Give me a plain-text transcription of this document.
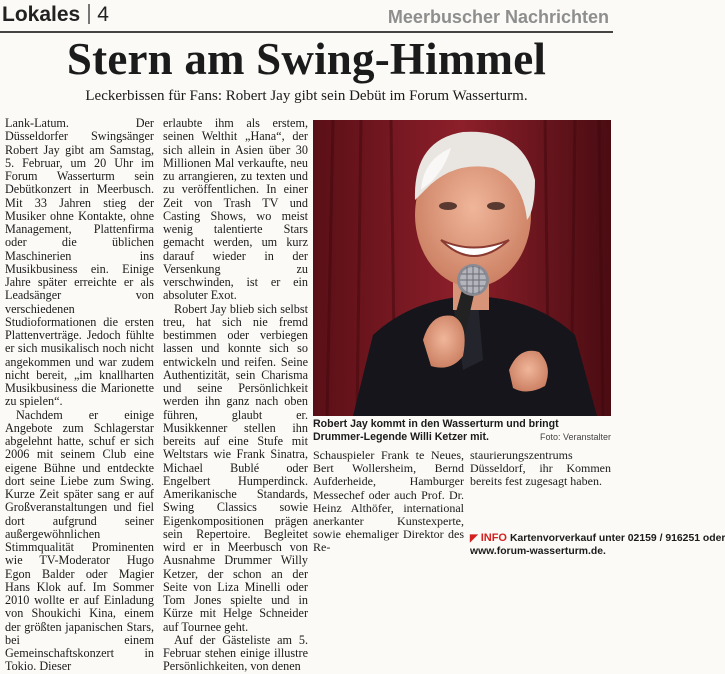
Lokales 4	Meerbuscher Nachrichten
Stern am Swing-Himmel
Leckerbissen für Fans: Robert Jay gibt sein Debüt im Forum Wasserturm.

Lank-Latum. Der Düsseldorfer Swingsänger Robert Jay gibt am Samstag, 5. Februar, um 20 Uhr im Forum Wasserturm sein Debütkonzert in Meerbusch. Mit 33 Jahren stieg der Musiker ohne Kontakte, ohne Management, Plattenfirma oder die üblichen Maschinerien ins Musikbusiness ein. Einige Jahre später erreichte er als Leadsänger von verschiedenen Studioformationen die ersten Plattenverträge. Jedoch fühlte er sich musikalisch noch nicht angekommen und war zudem nicht bereit, „im knallharten Musikbusiness die Marionette zu spielen“.

Nachdem er einige Angebote zum Schlagerstar abgelehnt hatte, schuf er sich 2006 mit seinem Club eine eigene Bühne und entdeckte dort seine Liebe zum Swing. Kurze Zeit später sang er auf Großveranstaltungen und fiel dort aufgrund seiner außergewöhnlichen Stimmqualität Prominenten wie TV-Moderator Hugo Egon Balder oder Magier Hans Klok auf. Im Sommer 2010 wollte er auf Einladung von Shoukichi Kina, einem der größten japanischen Stars, bei einem Gemeinschaftskonzert in Tokio. Dieser

erlaubte ihm als erstem, seinen Welthit „Hana“, der sich allein in Asien über 30 Millionen Mal verkaufte, neu zu arrangieren, zu texten und zu veröffentlichen. In einer Zeit von Trash TV und Casting Shows, wo meist wenig talentierte Stars gemacht werden, um kurz darauf wieder in der Versenkung zu verschwinden, ist er ein absoluter Exot.

Robert Jay blieb sich selbst treu, hat sich nie fremd bestimmen oder verbiegen lassen und konnte sich so entwickeln und reifen. Seine Authentizität, sein Charisma und seine Persönlichkeit werden ihn ganz nach oben führen, glaubt er. Musikkenner stellen ihn bereits auf eine Stufe mit Weltstars wie Frank Sinatra, Michael Bublé oder Engelbert Humperdinck. Amerikanische Standards, Swing Classics sowie Eigenkompositionen prägen sein Repertoire. Begleitet wird er in Meerbusch von Ausnahme Drummer Willy Ketzer, der schon an der Seite von Liza Minelli oder Tom Jones spielte und in Kürze mit Helge Schneider auf Tournee geht.

Auf der Gästeliste am 5. Februar stehen einige illustre Persönlichkeiten, von denen

Robert Jay kommt in den Wasserturm und bringt Drummer-Legende Willi Ketzer mit.	Foto: Veranstalter

Schauspieler Frank te Neues, Bert Wollersheim, Bernd Aufderheide, Hamburger Messechef oder auch Prof. Dr. Heinz Althöfer, international anerkanter Kunstexperte, sowie ehemaliger Direktor des Re-

staurierungszentrums Düsseldorf, ihr Kommen bereits fest zugesagt haben.

◤ INFO Kartenvorverkauf unter 02159 / 916251 oder
www.forum-wasserturm.de.
